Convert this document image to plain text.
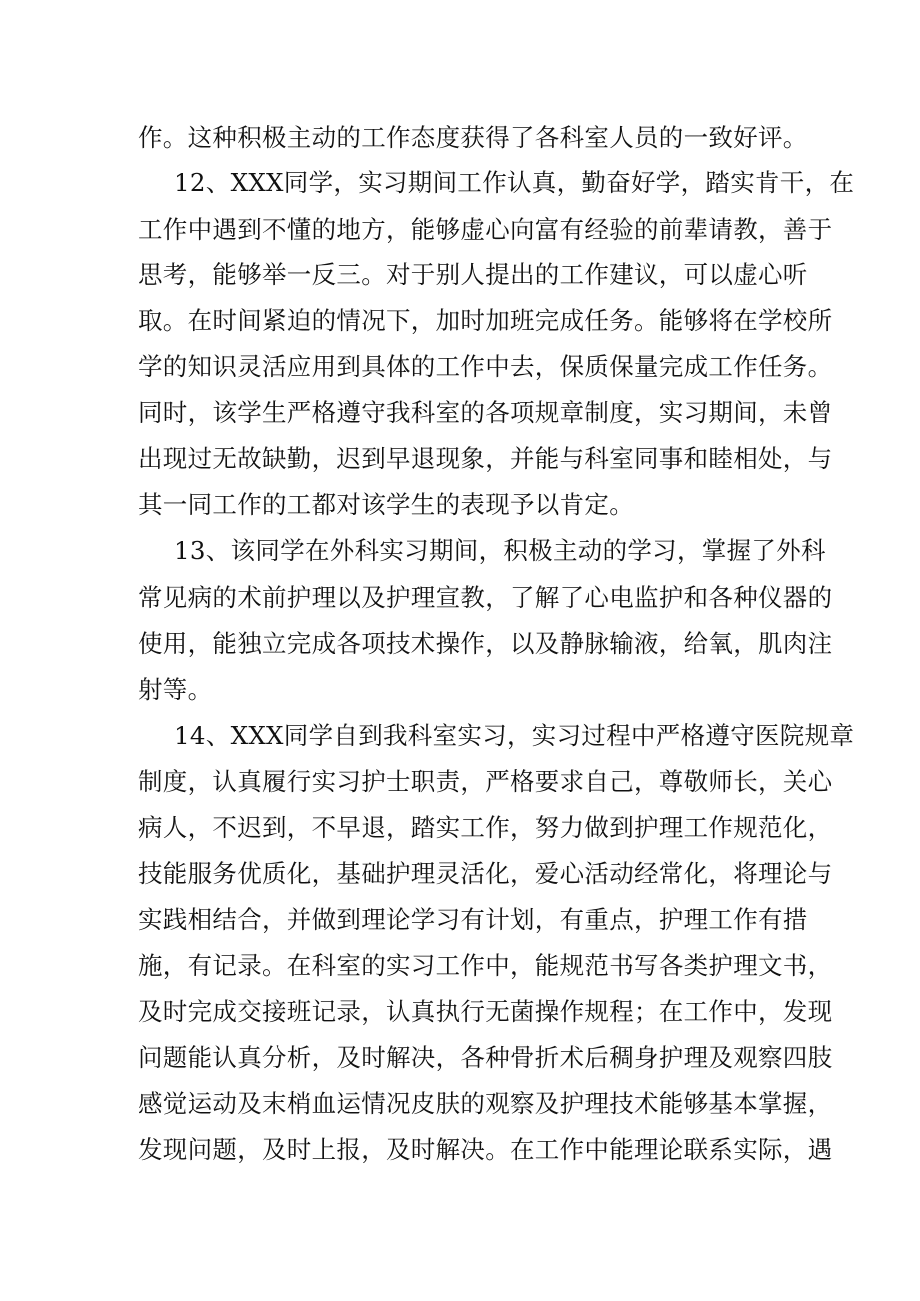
作。这种积极主动的工作态度获得了各科室人员的一致好评。
12、XXX同学，实习期间工作认真，勤奋好学，踏实肯干，在
工作中遇到不懂的地方，能够虚心向富有经验的前辈请教，善于
思考，能够举一反三。对于别人提出的工作建议，可以虚心听
取。在时间紧迫的情况下，加时加班完成任务。能够将在学校所
学的知识灵活应用到具体的工作中去，保质保量完成工作任务。
同时，该学生严格遵守我科室的各项规章制度，实习期间，未曾
出现过无故缺勤，迟到早退现象，并能与科室同事和睦相处，与
其一同工作的工都对该学生的表现予以肯定。
13、该同学在外科实习期间，积极主动的学习，掌握了外科
常见病的术前护理以及护理宣教，了解了心电监护和各种仪器的
使用，能独立完成各项技术操作，以及静脉输液，给氧，肌肉注
射等。
14、XXX同学自到我科室实习，实习过程中严格遵守医院规章
制度，认真履行实习护士职责，严格要求自己，尊敬师长，关心
病人，不迟到，不早退，踏实工作，努力做到护理工作规范化，
技能服务优质化，基础护理灵活化，爱心活动经常化，将理论与
实践相结合，并做到理论学习有计划，有重点，护理工作有措
施，有记录。在科室的实习工作中，能规范书写各类护理文书，
及时完成交接班记录，认真执行无菌操作规程；在工作中，发现
问题能认真分析，及时解决，各种骨折术后稠身护理及观察四肢
感觉运动及末梢血运情况皮肤的观察及护理技术能够基本掌握，
发现问题，及时上报，及时解决。在工作中能理论联系实际，遇
